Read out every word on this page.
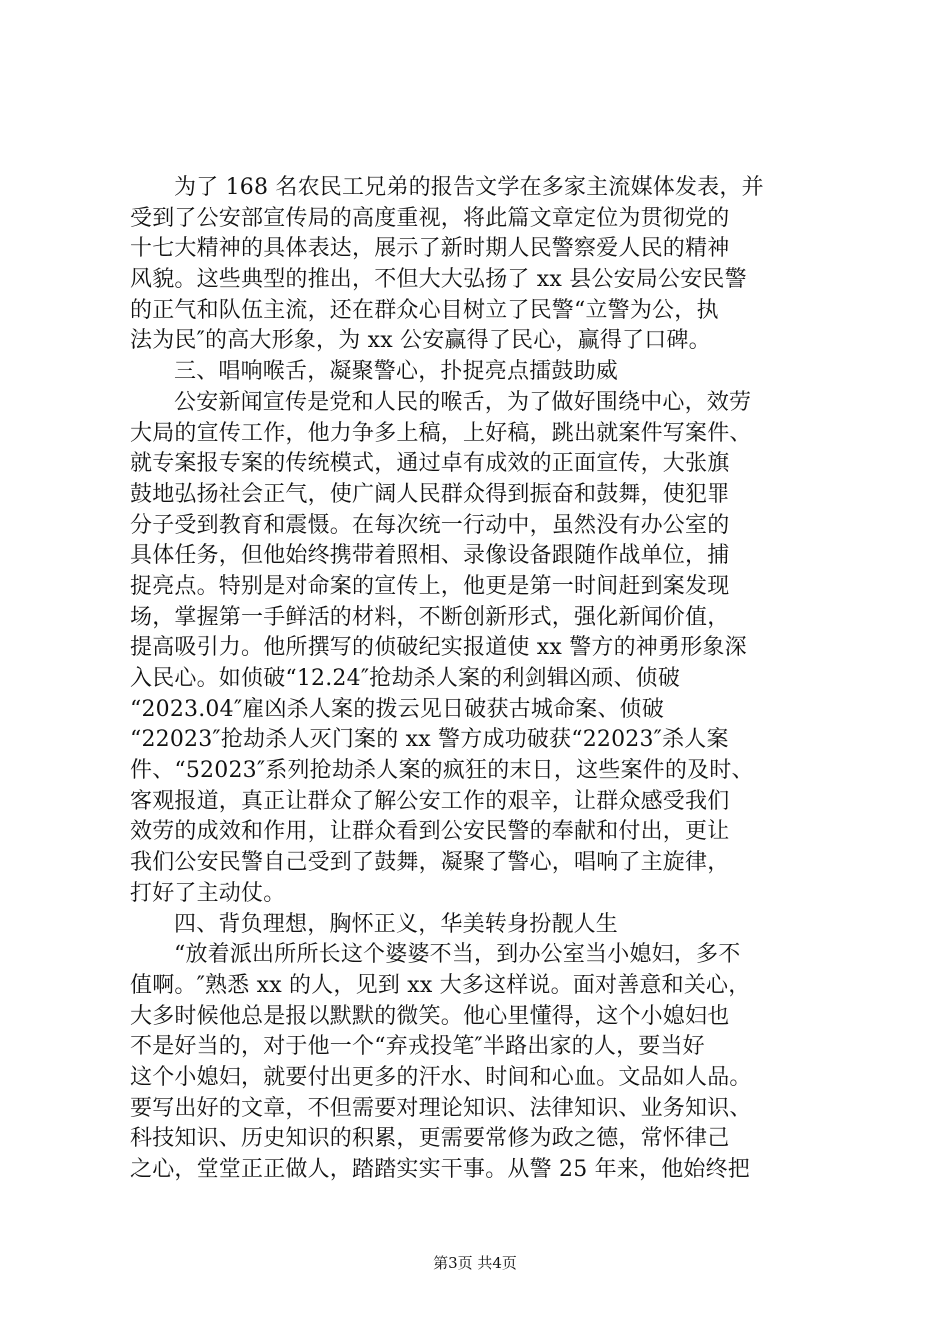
为了 168 名农民工兄弟的报告文学在多家主流媒体发表，并
受到了公安部宣传局的高度重视，将此篇文章定位为贯彻党的
十七大精神的具体表达，展示了新时期人民警察爱人民的精神
风貌。这些典型的推出，不但大大弘扬了 xx 县公安局公安民警
的正气和队伍主流，还在群众心目树立了民警“立警为公，执
法为民″的高大形象，为 xx 公安赢得了民心，赢得了口碑。
三、唱响喉舌，凝聚警心，扑捉亮点擂鼓助威
公安新闻宣传是党和人民的喉舌，为了做好围绕中心，效劳
大局的宣传工作，他力争多上稿，上好稿，跳出就案件写案件、
就专案报专案的传统模式，通过卓有成效的正面宣传，大张旗
鼓地弘扬社会正气，使广阔人民群众得到振奋和鼓舞，使犯罪
分子受到教育和震慑。在每次统一行动中，虽然没有办公室的
具体任务，但他始终携带着照相、录像设备跟随作战单位，捕
捉亮点。特别是对命案的宣传上，他更是第一时间赶到案发现
场，掌握第一手鲜活的材料，不断创新形式，强化新闻价值，
提高吸引力。他所撰写的侦破纪实报道使 xx 警方的神勇形象深
入民心。如侦破“12.24″抢劫杀人案的利剑辑凶顽、侦破
“2023.04″雇凶杀人案的拨云见日破获古城命案、侦破
“22023″抢劫杀人灭门案的 xx 警方成功破获“22023″杀人案
件、“52023″系列抢劫杀人案的疯狂的末日，这些案件的及时、
客观报道，真正让群众了解公安工作的艰辛，让群众感受我们
效劳的成效和作用，让群众看到公安民警的奉献和付出，更让
我们公安民警自己受到了鼓舞，凝聚了警心，唱响了主旋律，
打好了主动仗。
四、背负理想，胸怀正义，华美转身扮靓人生
“放着派出所所长这个婆婆不当，到办公室当小媳妇，多不
值啊。″熟悉 xx 的人，见到 xx 大多这样说。面对善意和关心，
大多时候他总是报以默默的微笑。他心里懂得，这个小媳妇也
不是好当的，对于他一个“弃戎投笔″半路出家的人，要当好
这个小媳妇，就要付出更多的汗水、时间和心血。文品如人品。
要写出好的文章，不但需要对理论知识、法律知识、业务知识、
科技知识、历史知识的积累，更需要常修为政之德，常怀律己
之心，堂堂正正做人，踏踏实实干事。从警 25 年来，他始终把
第3页 共4页
